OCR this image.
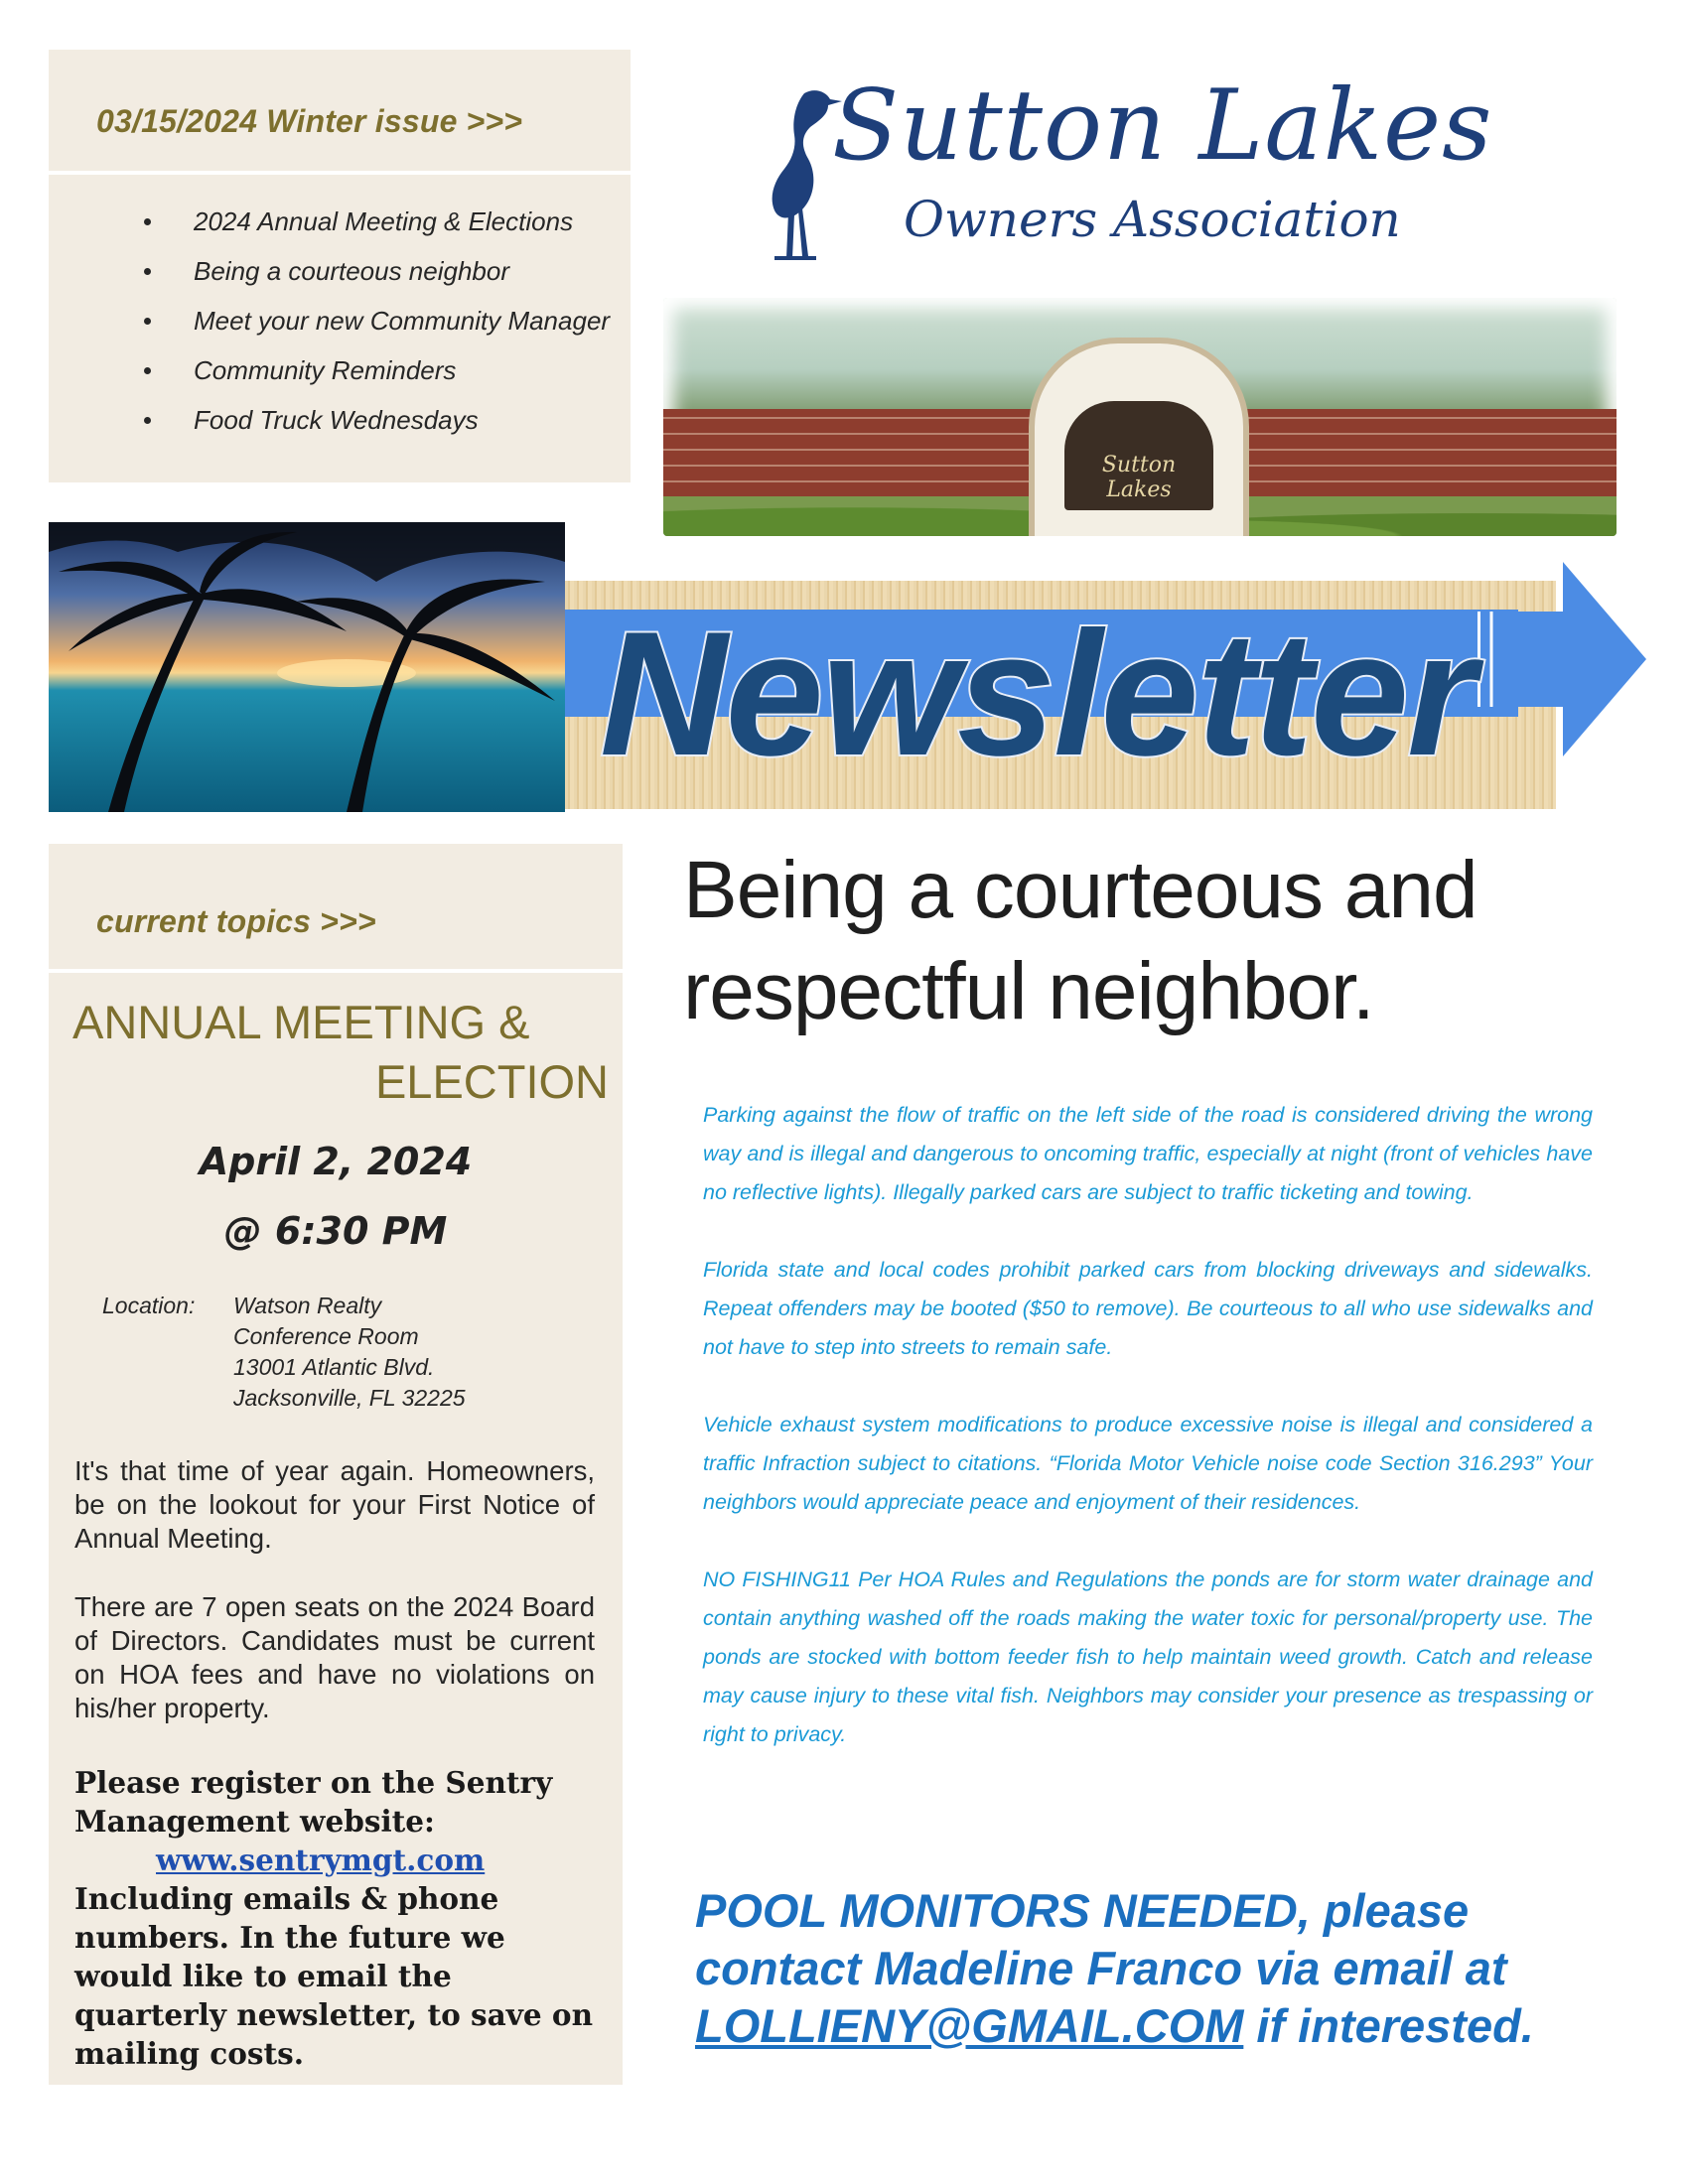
03/15/2024 Winter issue >>>
2024 Annual Meeting & Elections
Being a courteous neighbor
Meet your new Community Manager
Community Reminders
Food Truck Wednesdays
Sutton Lakes
Owners Association
Sutton Lakes
Newsletter
current topics >>>
ANNUAL MEETING &
ELECTION
April 2, 2024
@ 6:30 PM
Location: Watson Realty
Conference Room
13001 Atlantic Blvd.
Jacksonville, FL 32225

It's that time of year again. Homeowners, be on the lookout for your First Notice of Annual Meeting.

There are 7 open seats on the 2024 Board of Directors. Candidates must be current on HOA fees and have no violations on his/her property.

Please register on the Sentry Management website:
www.sentrymgt.com
Including emails & phone numbers. In the future we would like to email the quarterly newsletter, to save on mailing costs.
Being a courteous and
respectful neighbor.

Parking against the flow of traffic on the left side of the road is considered driving the wrong way and is illegal and dangerous to oncoming traffic, especially at night (front of vehicles have no reflective lights). Illegally parked cars are subject to traffic ticketing and towing.

Florida state and local codes prohibit parked cars from blocking driveways and sidewalks. Repeat offenders may be booted ($50 to remove). Be courteous to all who use sidewalks and not have to step into streets to remain safe.

Vehicle exhaust system modifications to produce excessive noise is illegal and considered a traffic Infraction subject to citations. “Florida Motor Vehicle noise code Section 316.293” Your neighbors would appreciate peace and enjoyment of their residences.

NO FISHING11 Per HOA Rules and Regulations the ponds are for storm water drainage and contain anything washed off the roads making the water toxic for personal/property use. The ponds are stocked with bottom feeder fish to help maintain weed growth. Catch and release may cause injury to these vital fish. Neighbors may consider your presence as trespassing or right to privacy.

POOL MONITORS NEEDED, please
contact Madeline Franco via email at
LOLLIENY@GMAIL.COM if interested.
